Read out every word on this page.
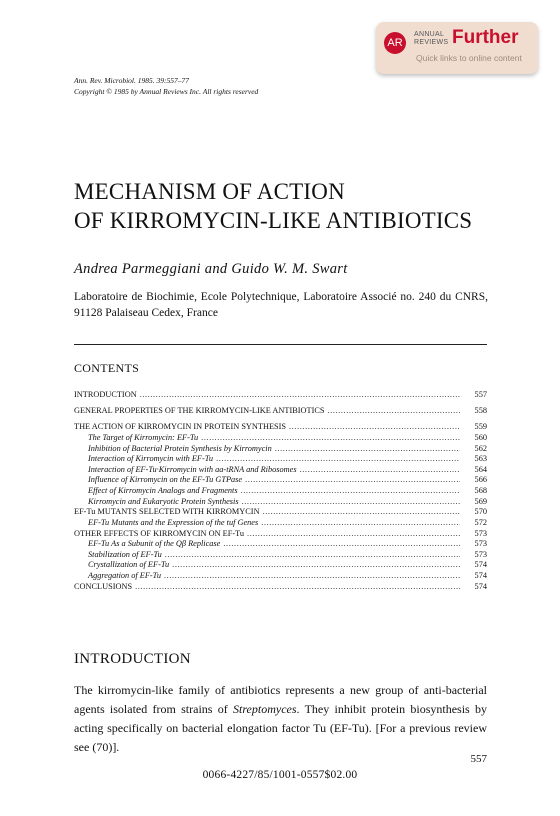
AR
ANNUAL
REVIEWS Further
Quick links to online content
Ann. Rev. Microbiol. 1985. 39:557–77
Copyright © 1985 by Annual Reviews Inc. All rights reserved
MECHANISM OF ACTION
OF KIRROMYCIN-LIKE ANTIBIOTICS
Andrea Parmeggiani and Guido W. M. Swart
Laboratoire de Biochimie, Ecole Polytechnique, Laboratoire Associé no. 240 du CNRS, 91128 Palaiseau Cedex, France
CONTENTS
INTRODUCTION .....	557
GENERAL PROPERTIES OF THE KIRROMYCIN-LIKE ANTIBIOTICS .....	558
THE ACTION OF KIRROMYCIN IN PROTEIN SYNTHESIS .....	559
The Target of Kirromycin: EF-Tu .....	560
Inhibition of Bacterial Protein Synthesis by Kirromycin .....	562
Interaction of Kirromycin with EF-Tu .....	563
Interaction of EF-Tu·Kirromycin with aa-tRNA and Ribosomes .....	564
Influence of Kirromycin on the EF-Tu GTPase .....	566
Effect of Kirromycin Analogs and Fragments .....	568
Kirromycin and Eukaryotic Protein Synthesis .....	569
EF-Tu MUTANTS SELECTED WITH KIRROMYCIN .....	570
EF-Tu Mutants and the Expression of the tuf Genes .....	572
OTHER EFFECTS OF KIRROMYCIN ON EF-Tu .....	573
EF-Tu As a Subunit of the Qβ Replicase .....	573
Stabilization of EF-Tu .....	573
Crystallization of EF-Tu .....	574
Aggregation of EF-Tu .....	574
CONCLUSIONS .....	574
INTRODUCTION
The kirromycin-like family of antibiotics represents a new group of anti-bacterial agents isolated from strains of Streptomyces. They inhibit protein biosynthesis by acting specifically on bacterial elongation factor Tu (EF-Tu). [For a previous review see (70)].
557
0066-4227/85/1001-0557$02.00
